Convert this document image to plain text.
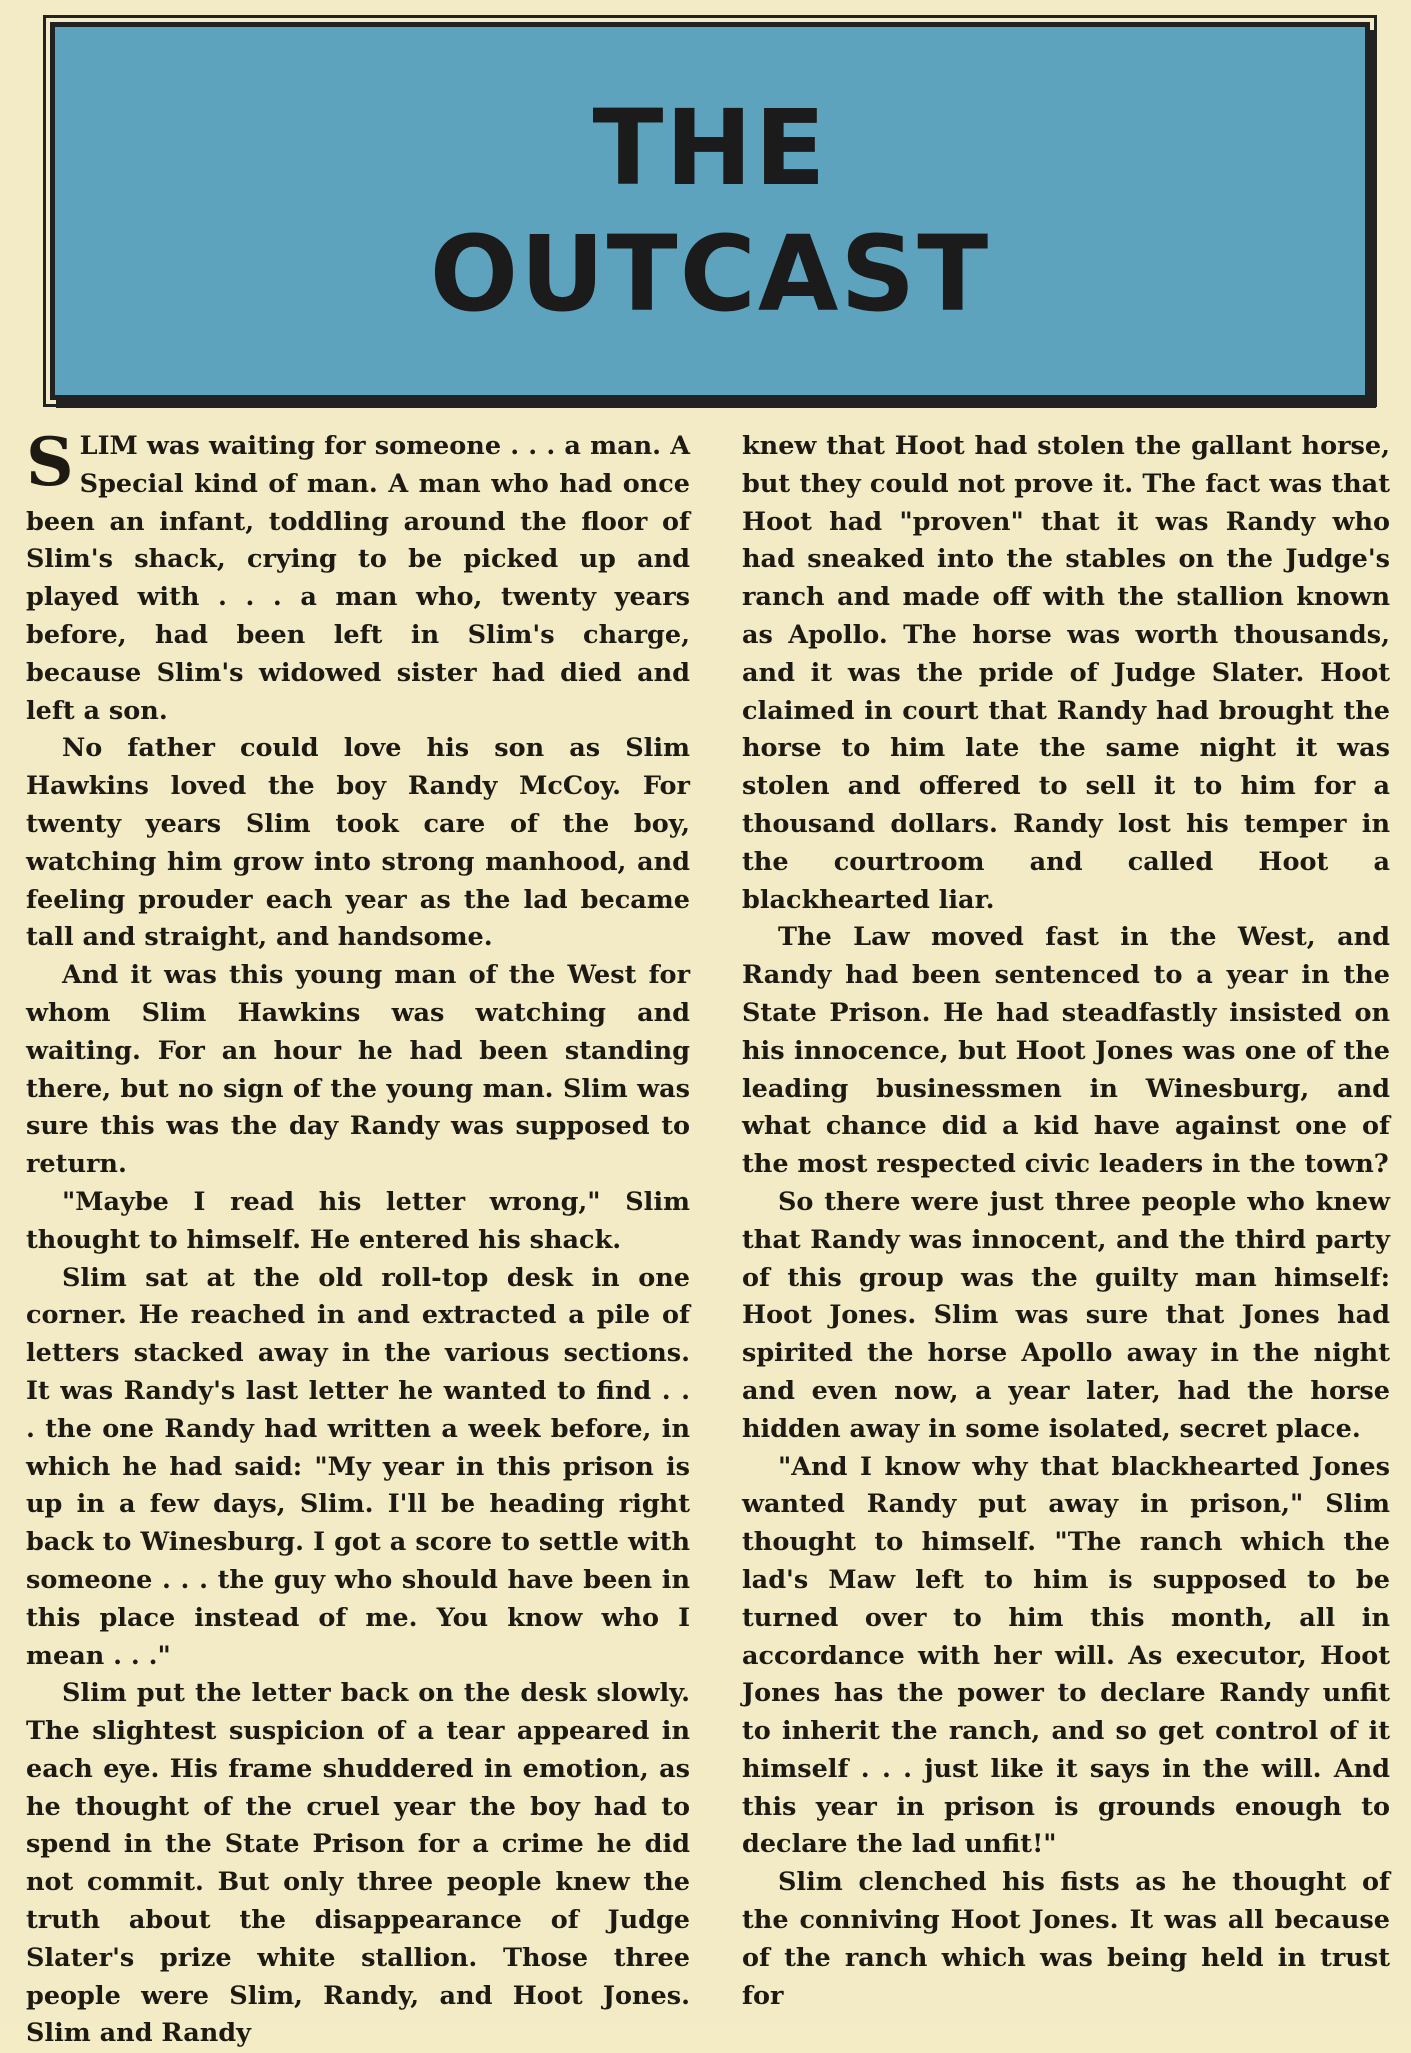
THE
OUTCAST

SLIM was waiting for someone . . . a man. A Special kind of man. A man who had once been an infant, toddling around the floor of Slim's shack, crying to be picked up and played with . . . a man who, twenty years before, had been left in Slim's charge, because Slim's widowed sister had died and left a son.

No father could love his son as Slim Hawkins loved the boy Randy McCoy. For twenty years Slim took care of the boy, watching him grow into strong manhood, and feeling prouder each year as the lad became tall and straight, and handsome.

And it was this young man of the West for whom Slim Hawkins was watching and waiting. For an hour he had been standing there, but no sign of the young man. Slim was sure this was the day Randy was supposed to return.

"Maybe I read his letter wrong," Slim thought to himself. He entered his shack.

Slim sat at the old roll-top desk in one corner. He reached in and extracted a pile of letters stacked away in the various sections. It was Randy's last letter he wanted to find . . . the one Randy had written a week before, in which he had said: "My year in this prison is up in a few days, Slim. I'll be heading right back to Winesburg. I got a score to settle with someone . . . the guy who should have been in this place instead of me. You know who I mean . . ."

Slim put the letter back on the desk slowly. The slightest suspicion of a tear appeared in each eye. His frame shuddered in emotion, as he thought of the cruel year the boy had to spend in the State Prison for a crime he did not commit. But only three people knew the truth about the disappearance of Judge Slater's prize white stallion. Those three people were Slim, Randy, and Hoot Jones. Slim and Randy

knew that Hoot had stolen the gallant horse, but they could not prove it. The fact was that Hoot had "proven" that it was Randy who had sneaked into the stables on the Judge's ranch and made off with the stallion known as Apollo. The horse was worth thousands, and it was the pride of Judge Slater. Hoot claimed in court that Randy had brought the horse to him late the same night it was stolen and offered to sell it to him for a thousand dollars. Randy lost his temper in the courtroom and called Hoot a blackhearted liar.

The Law moved fast in the West, and Randy had been sentenced to a year in the State Prison. He had steadfastly insisted on his innocence, but Hoot Jones was one of the leading businessmen in Winesburg, and what chance did a kid have against one of the most respected civic leaders in the town?

So there were just three people who knew that Randy was innocent, and the third party of this group was the guilty man himself: Hoot Jones. Slim was sure that Jones had spirited the horse Apollo away in the night and even now, a year later, had the horse hidden away in some isolated, secret place.

"And I know why that blackhearted Jones wanted Randy put away in prison," Slim thought to himself. "The ranch which the lad's Maw left to him is supposed to be turned over to him this month, all in accordance with her will. As executor, Hoot Jones has the power to declare Randy unfit to inherit the ranch, and so get control of it himself . . . just like it says in the will. And this year in prison is grounds enough to declare the lad unfit!"

Slim clenched his fists as he thought of the conniving Hoot Jones. It was all because of the ranch which was being held in trust for
